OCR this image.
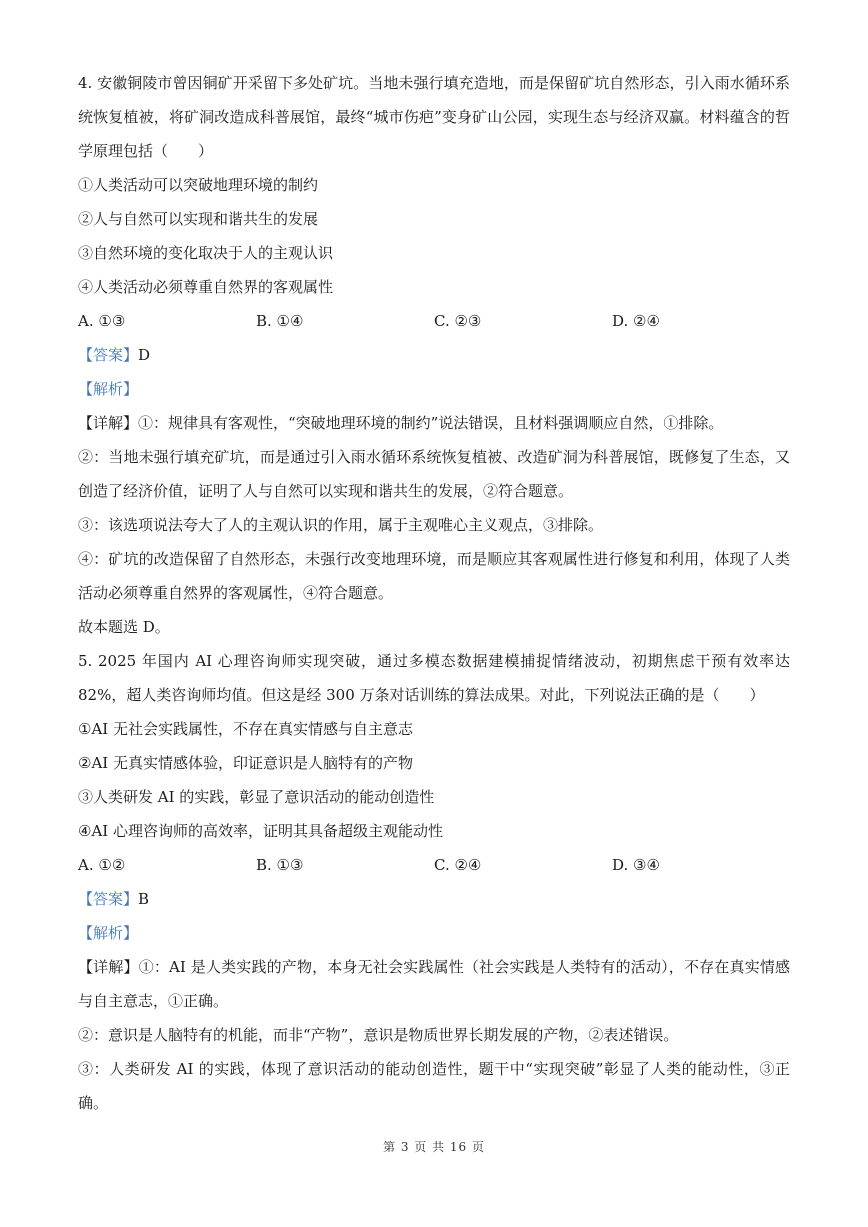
4. 安徽铜陵市曾因铜矿开采留下多处矿坑。当地未强行填充造地，而是保留矿坑自然形态，引入雨水循环系统恢复植被，将矿洞改造成科普展馆，最终“城市伤疤”变身矿山公园，实现生态与经济双赢。材料蕴含的哲学原理包括（　　）
①人类活动可以突破地理环境的制约
②人与自然可以实现和谐共生的发展
③自然环境的变化取决于人的主观认识
④人类活动必须尊重自然界的客观属性
A. ①③	B. ①④	C. ②③	D. ②④
【答案】D
【解析】
【详解】①：规律具有客观性，“突破地理环境的制约”说法错误，且材料强调顺应自然，①排除。
②：当地未强行填充矿坑，而是通过引入雨水循环系统恢复植被、改造矿洞为科普展馆，既修复了生态，又创造了经济价值，证明了人与自然可以实现和谐共生的发展，②符合题意。
③：该选项说法夸大了人的主观认识的作用，属于主观唯心主义观点，③排除。
④：矿坑的改造保留了自然形态，未强行改变地理环境，而是顺应其客观属性进行修复和利用，体现了人类活动必须尊重自然界的客观属性，④符合题意。
故本题选 D。
5. 2025 年国内 AI 心理咨询师实现突破，通过多模态数据建模捕捉情绪波动，初期焦虑干预有效率达 82%，超人类咨询师均值。但这是经 300 万条对话训练的算法成果。对此，下列说法正确的是（　　）
①AI 无社会实践属性，不存在真实情感与自主意志
②AI 无真实情感体验，印证意识是人脑特有的产物
③人类研发 AI 的实践，彰显了意识活动的能动创造性
④AI 心理咨询师的高效率，证明其具备超级主观能动性
A. ①②	B. ①③	C. ②④	D. ③④
【答案】B
【解析】
【详解】①：AI 是人类实践的产物，本身无社会实践属性（社会实践是人类特有的活动），不存在真实情感与自主意志，①正确。
②：意识是人脑特有的机能，而非“产物”，意识是物质世界长期发展的产物，②表述错误。
③：人类研发 AI 的实践，体现了意识活动的能动创造性，题干中“实现突破”彰显了人类的能动性，③正确。
第 3 页 共 16 页
